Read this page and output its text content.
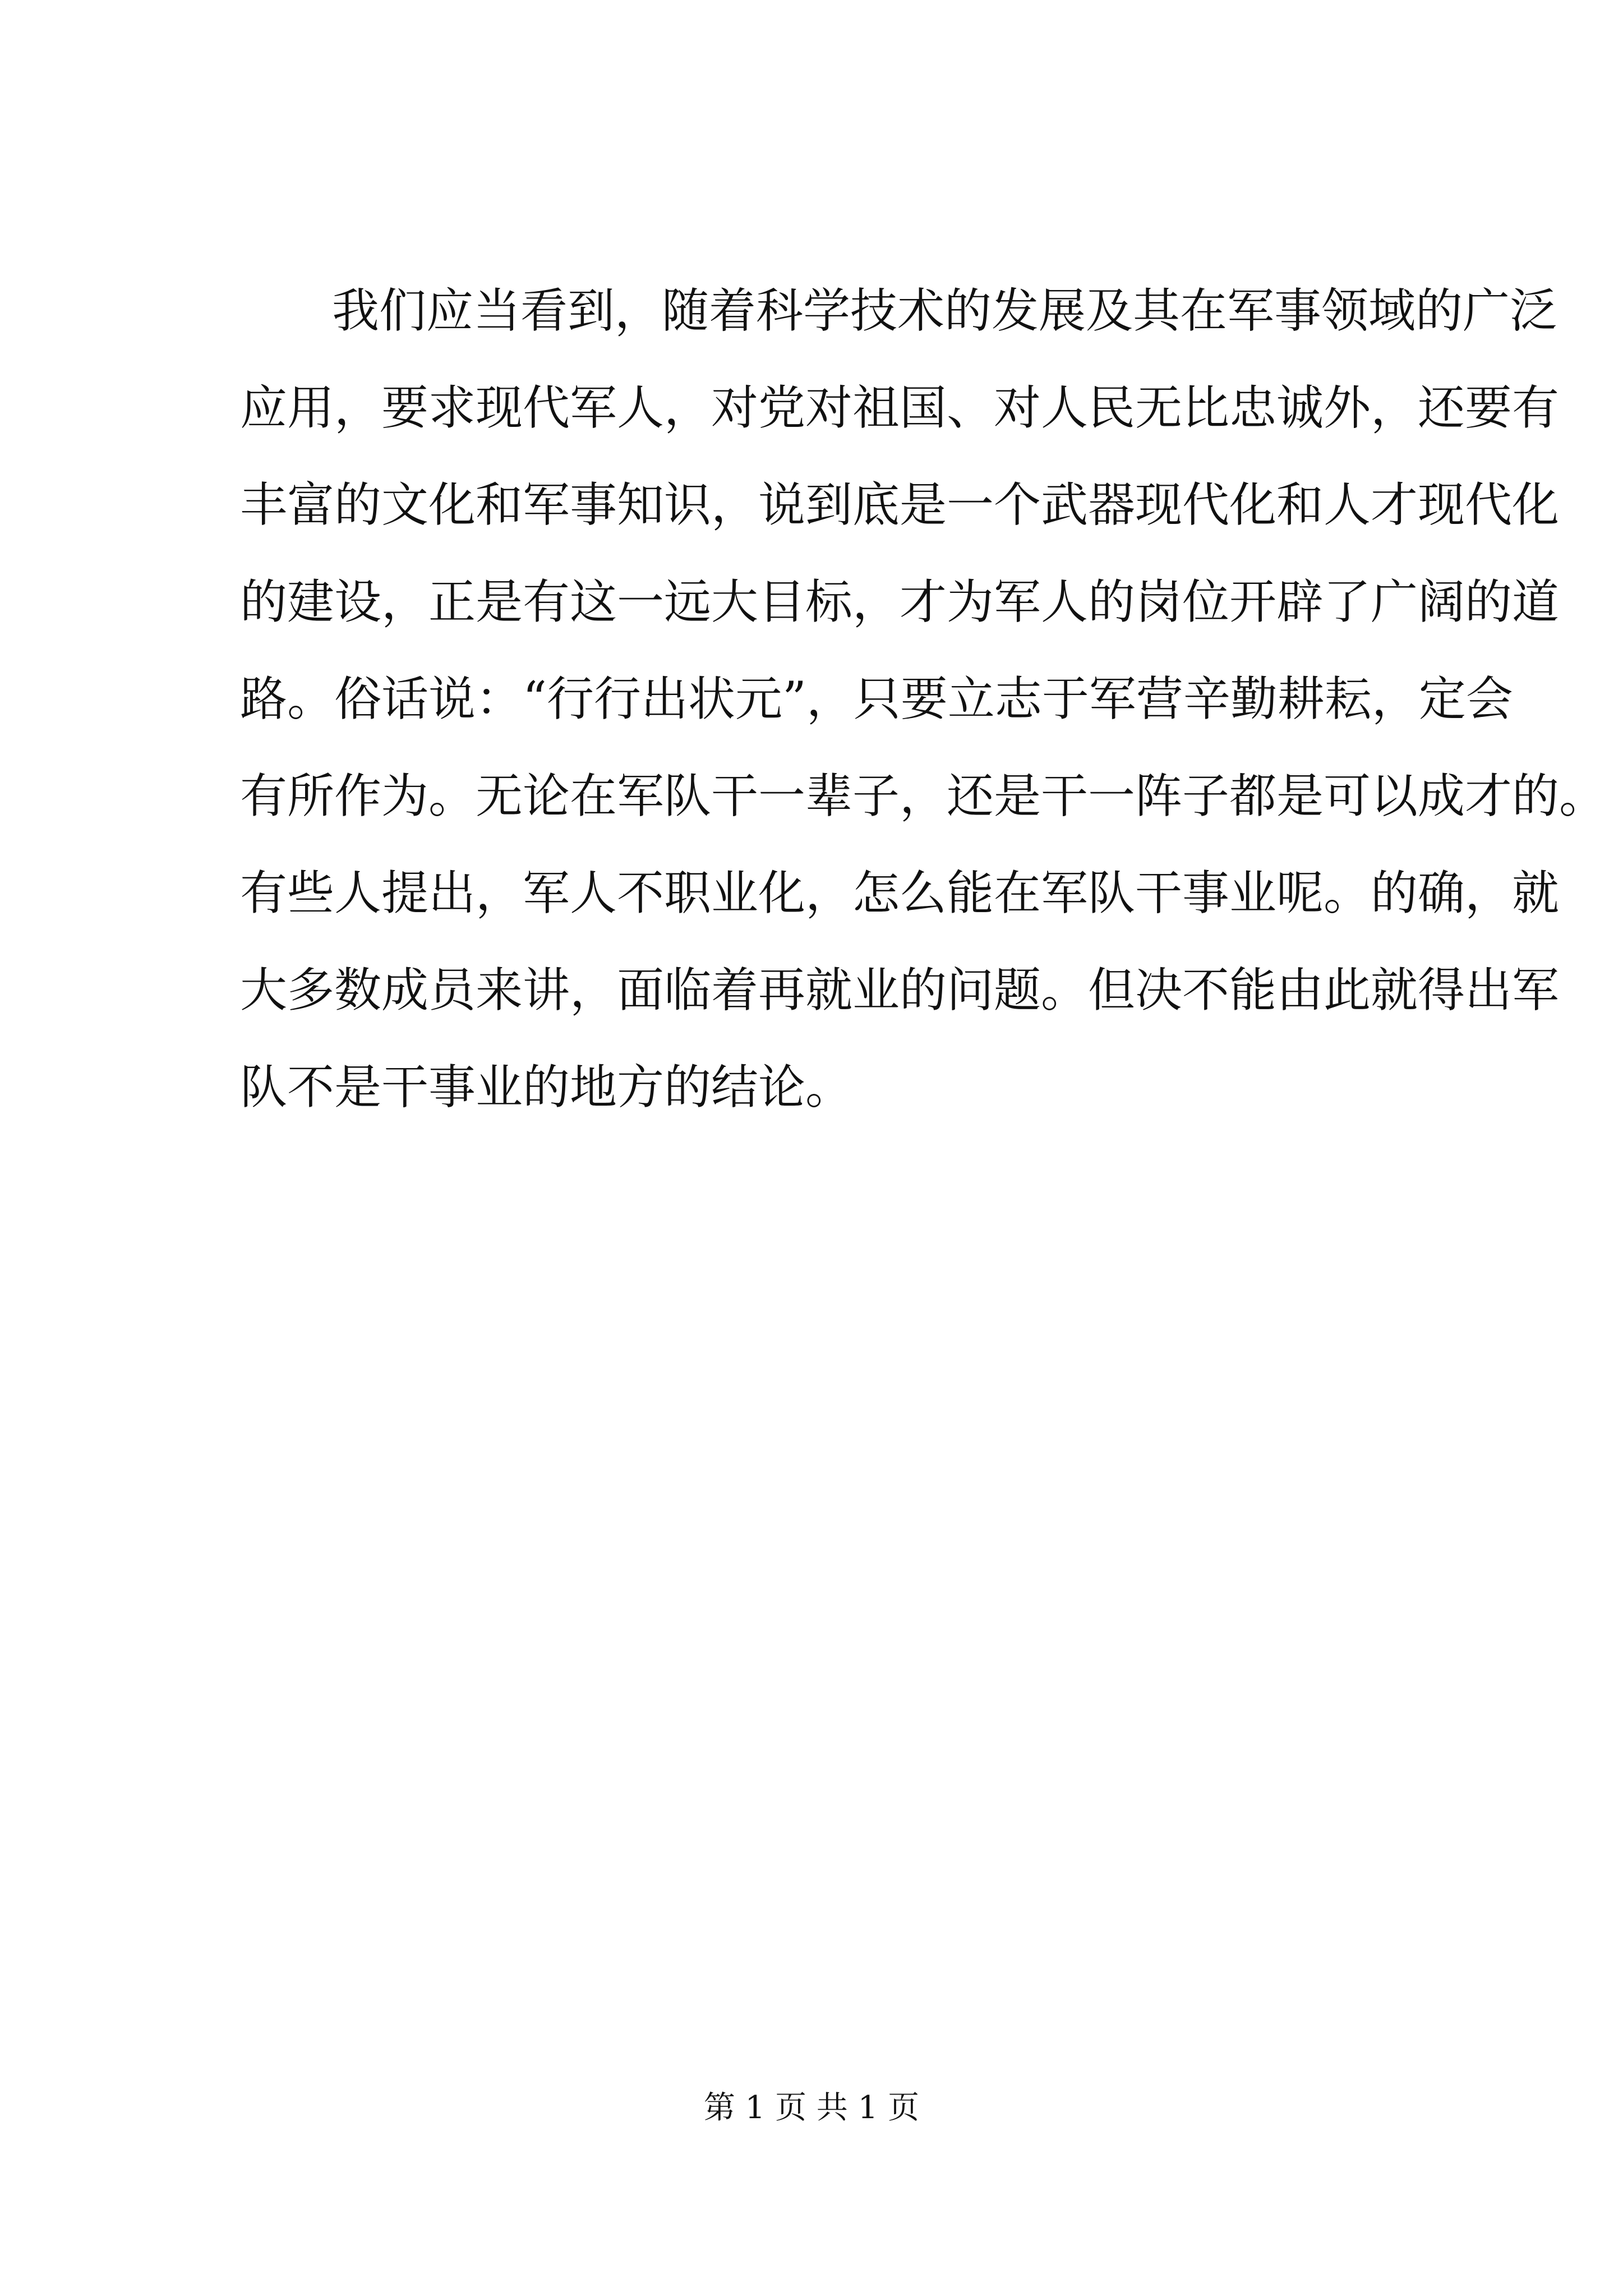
我们应当看到，随着科学技术的发展及其在军事领域的广泛
应用，要求现代军人，对党对祖国、对人民无比忠诚外，还要有
丰富的文化和军事知识，说到底是一个武器现代化和人才现代化
的建设，正是有这一远大目标，才为军人的岗位开辟了广阔的道
路。俗话说：“行行出状元”，只要立志于军营辛勤耕耘，定会
有所作为。无论在军队干一辈子，还是干一阵子都是可以成才的。
有些人提出，军人不职业化，怎么能在军队干事业呢。的确，就
大多数成员来讲，面临着再就业的问题。但决不能由此就得出军
队不是干事业的地方的结论。
第 1 页 共 1 页
